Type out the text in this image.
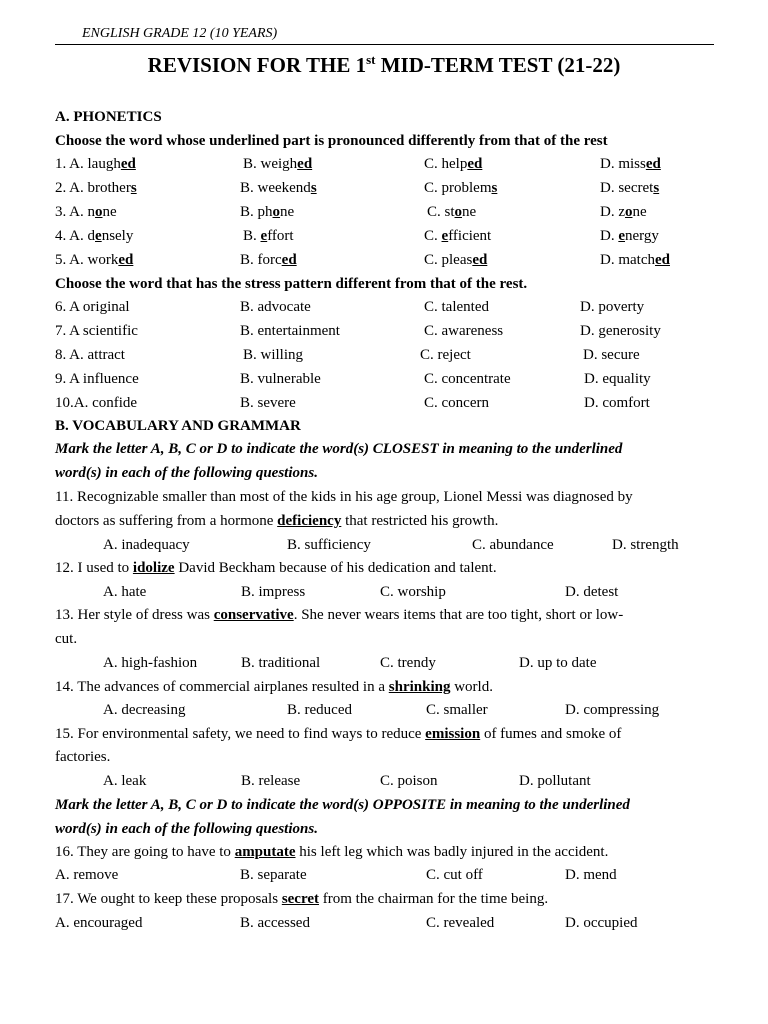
ENGLISH GRADE 12 (10 YEARS)
REVISION FOR THE 1st MID-TERM TEST (21-22)
A. PHONETICS
Choose the word whose underlined part is pronounced differently from that of the rest
1. A. laughed	B. weighed	C. helped	D. missed
2. A. brothers	B. weekends	C. problems	D. secrets
3. A. none	B. phone	C. stone	D. zone
4. A. densely	B. effort	C. efficient	D. energy
5. A. worked	B. forced	C. pleased	D. matched
Choose the word that has the stress pattern different from that of the rest.
6. A original	B. advocate	C. talented	D. poverty
7. A scientific	B. entertainment	C. awareness	D. generosity
8. A. attract	B. willing	C. reject	D. secure
9. A influence	B. vulnerable	C. concentrate	D. equality
10.A. confide	B. severe	C. concern	D. comfort
B. VOCABULARY AND GRAMMAR
Mark the letter A, B, C or D to indicate the word(s) CLOSEST in meaning to the underlined
word(s) in each of the following questions.
11. Recognizable smaller than most of the kids in his age group, Lionel Messi was diagnosed by
doctors as suffering from a hormone deficiency that restricted his growth.
A. inadequacy	B. sufficiency	C. abundance	D. strength
12. I used to idolize David Beckham because of his dedication and talent.
A. hate	B. impress	C. worship	D. detest
13. Her style of dress was conservative. She never wears items that are too tight, short or low-
cut.
A. high-fashion	B. traditional	C. trendy	D. up to date
14. The advances of commercial airplanes resulted in a shrinking world.
A. decreasing	B. reduced	C. smaller	D. compressing
15. For environmental safety, we need to find ways to reduce emission of fumes and smoke of
factories.
A. leak	B. release	C. poison	D. pollutant
Mark the letter A, B, C or D to indicate the word(s) OPPOSITE in meaning to the underlined
word(s) in each of the following questions.
16. They are going to have to amputate his left leg which was badly injured in the accident.
A. remove	B. separate	C. cut off	D. mend
17. We ought to keep these proposals secret from the chairman for the time being.
A. encouraged	B. accessed	C. revealed	D. occupied
